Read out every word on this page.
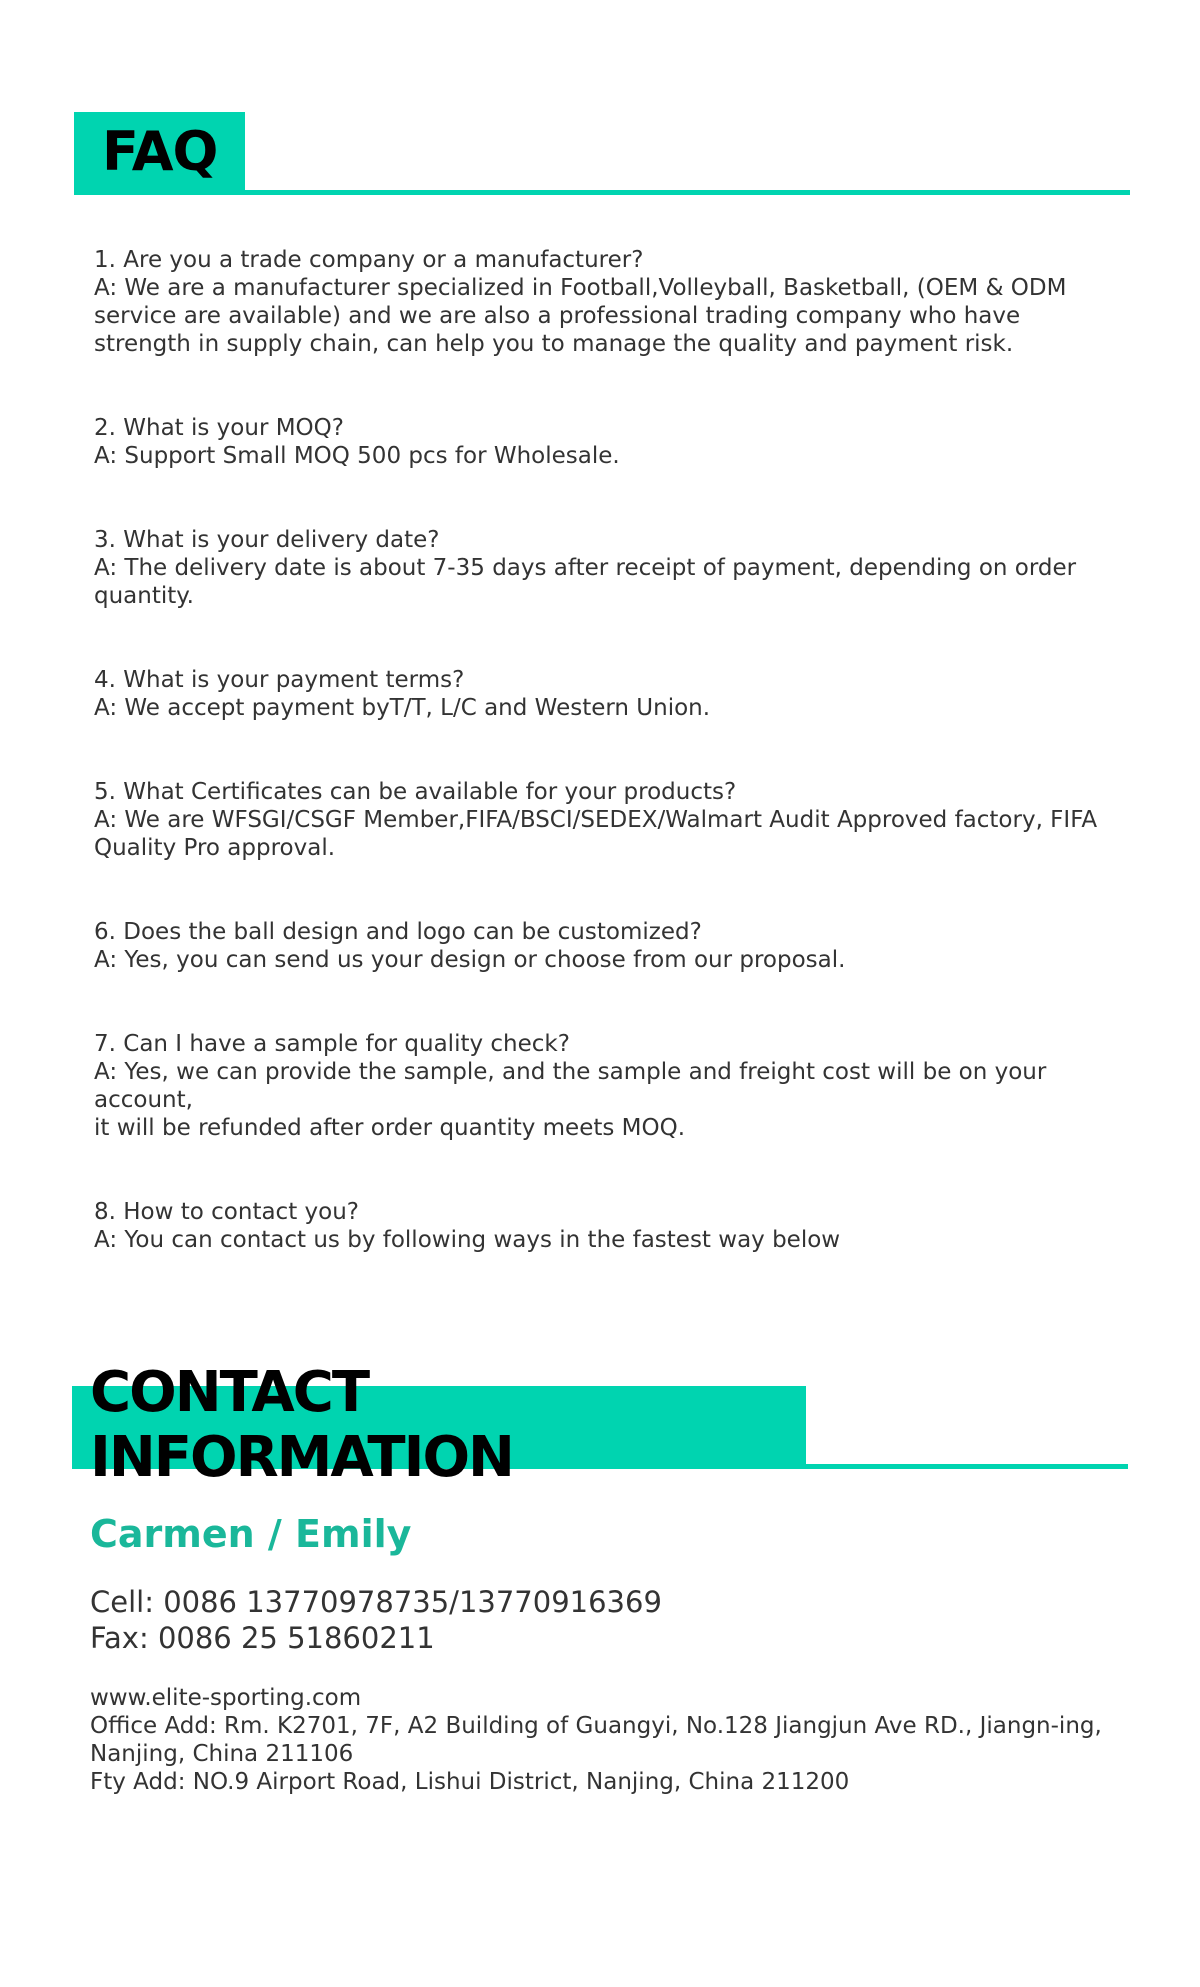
FAQ

1. Are you a trade company or a manufacturer?

A: We are a manufacturer specialized in Football,Volleyball, Basketball, (OEM & ODM service are available) and we are also a professional trading company who have strength in supply chain, can help you to manage the quality and payment risk.

2. What is your MOQ?

A: Support Small MOQ 500 pcs for Wholesale.

3. What is your delivery date?

A: The delivery date is about 7-35 days after receipt of payment, depending on order quantity.

4. What is your payment terms?

A: We accept payment byT/T, L/C and Western Union.

5. What Certificates can be available for your products?

A: We are WFSGI/CSGF Member,FIFA/BSCI/SEDEX/Walmart Audit Approved factory, FIFA Quality Pro approval.

6. Does the ball design and logo can be customized?

A: Yes, you can send us your design or choose from our proposal.

7. Can I have a sample for quality check?

A: Yes, we can provide the sample, and the sample and freight cost will be on your account,

it will be refunded after order quantity meets MOQ.

8. How to contact you?

A: You can contact us by following ways in the fastest way below

CONTACT INFORMATION

Carmen / Emily

Cell: 0086 13770978735/13770916369

Fax: 0086 25 51860211

www.elite-sporting.com

Office Add: Rm. K2701, 7F, A2 Building of Guangyi, No.128 Jiangjun Ave RD., Jiangn-ing, Nanjing, China 211106

Fty Add: NO.9 Airport Road, Lishui District, Nanjing, China 211200
